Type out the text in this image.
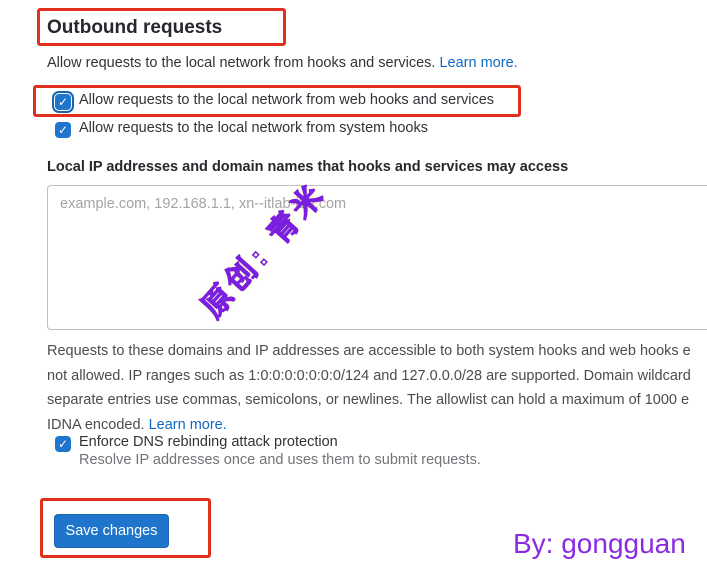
Outbound requests

Allow requests to the local network from hooks and services. Learn more.

✓
Allow requests to the local network from web hooks and services
✓
Allow requests to the local network from system hooks
Local IP addresses and domain names that hooks and services may access
example.com, 192.168.1.1, xn--itlab-j1a.com
原创: 青米
Requests to these domains and IP addresses are accessible to both system hooks and web hooks e
not allowed. IP ranges such as 1:0:0:0:0:0:0:0/124 and 127.0.0.0/28 are supported. Domain wildcard
separate entries use commas, semicolons, or newlines. The allowlist can hold a maximum of 1000 e
IDNA encoded. Learn more.
✓
Enforce DNS rebinding attack protection
Resolve IP addresses once and uses them to submit requests.
Save changes	By: gongguan
